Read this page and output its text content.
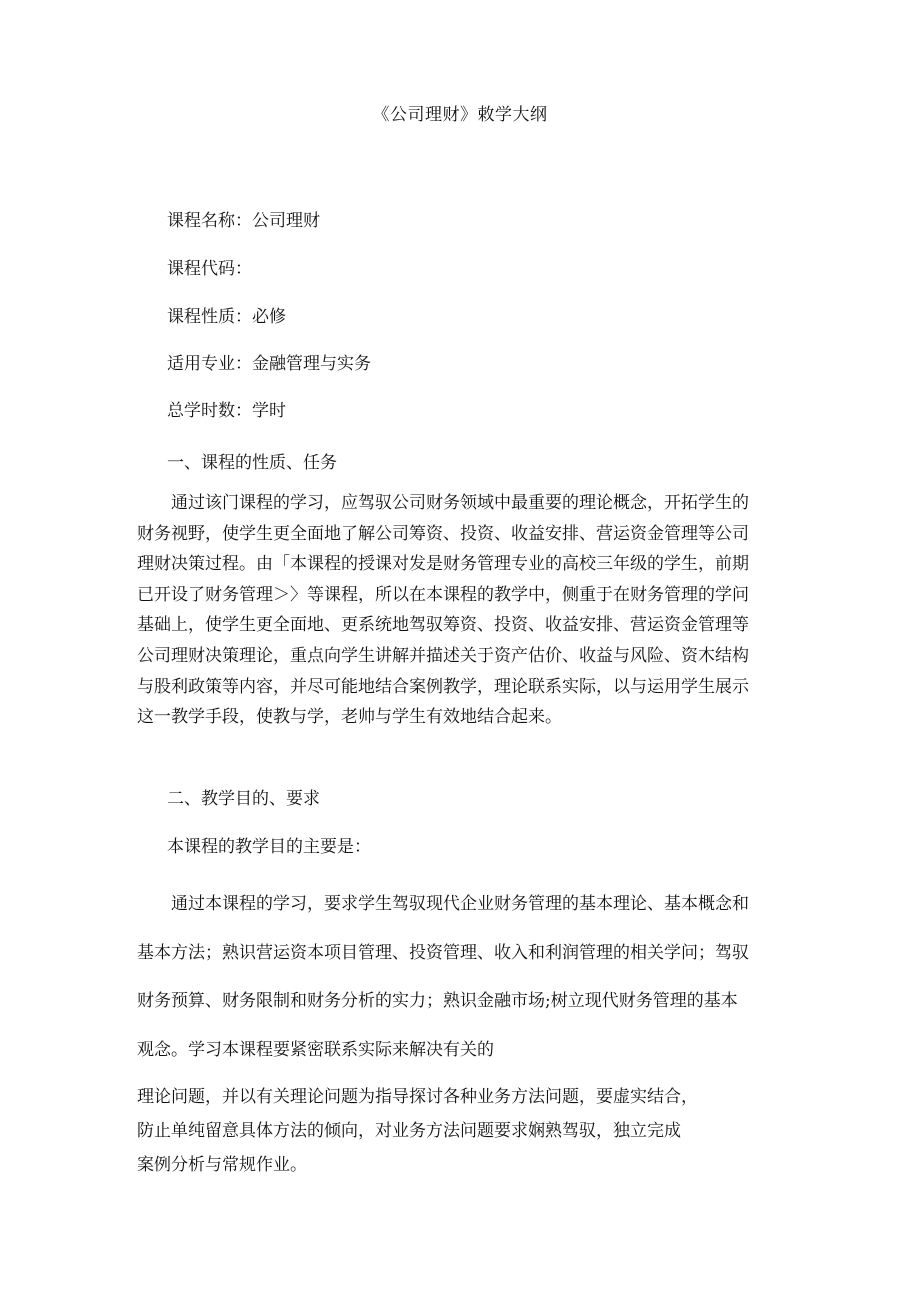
《公司理财》敕学大纲
课程名称：公司理财
课程代码：
课程性质：必修
适用专业：金融管理与实务
总学时数：学时
一、课程的性质、任务
通过该门课程的学习，应驾驭公司财务领域中最重要的理论概念，开拓学生的
财务视野，使学生更全面地了解公司筹资、投资、收益安排、营运资金管理等公司
理财决策过程。由「本课程的授课对发是财务管理专业的高校三年级的学生，前期
已开设了财务管理＞〉等课程，所以在本课程的教学中，侧重于在财务管理的学问
基础上，使学生更全面地、更系统地驾驭筹资、投资、收益安排、营运资金管理等
公司理财决策理论，重点向学生讲解并描述关于资产估价、收益与风险、资木结构
与股利政策等内容，并尽可能地结合案例教学，理论联系实际，以与运用学生展示
这一教学手段，使教与学，老帅与学生有效地结合起来。
二、教学目的、要求
本课程的教学目的主要是：
通过本课程的学习，要求学生驾驭现代企业财务管理的基本理论、基本概念和
基本方法；熟识营运资本项目管理、投资管理、收入和利润管理的相关学问；驾驭
财务预算、财务限制和财务分析的实力；熟识金融市场;树立现代财务管理的基本
观念。学习本课程要紧密联系实际来解决有关的
理论问题，并以有关理论问题为指导探讨各种业务方法问题，要虚实结合，
防止单纯留意具体方法的倾向，对业务方法问题要求娴熟驾驭，独立完成
案例分析与常规作业。
